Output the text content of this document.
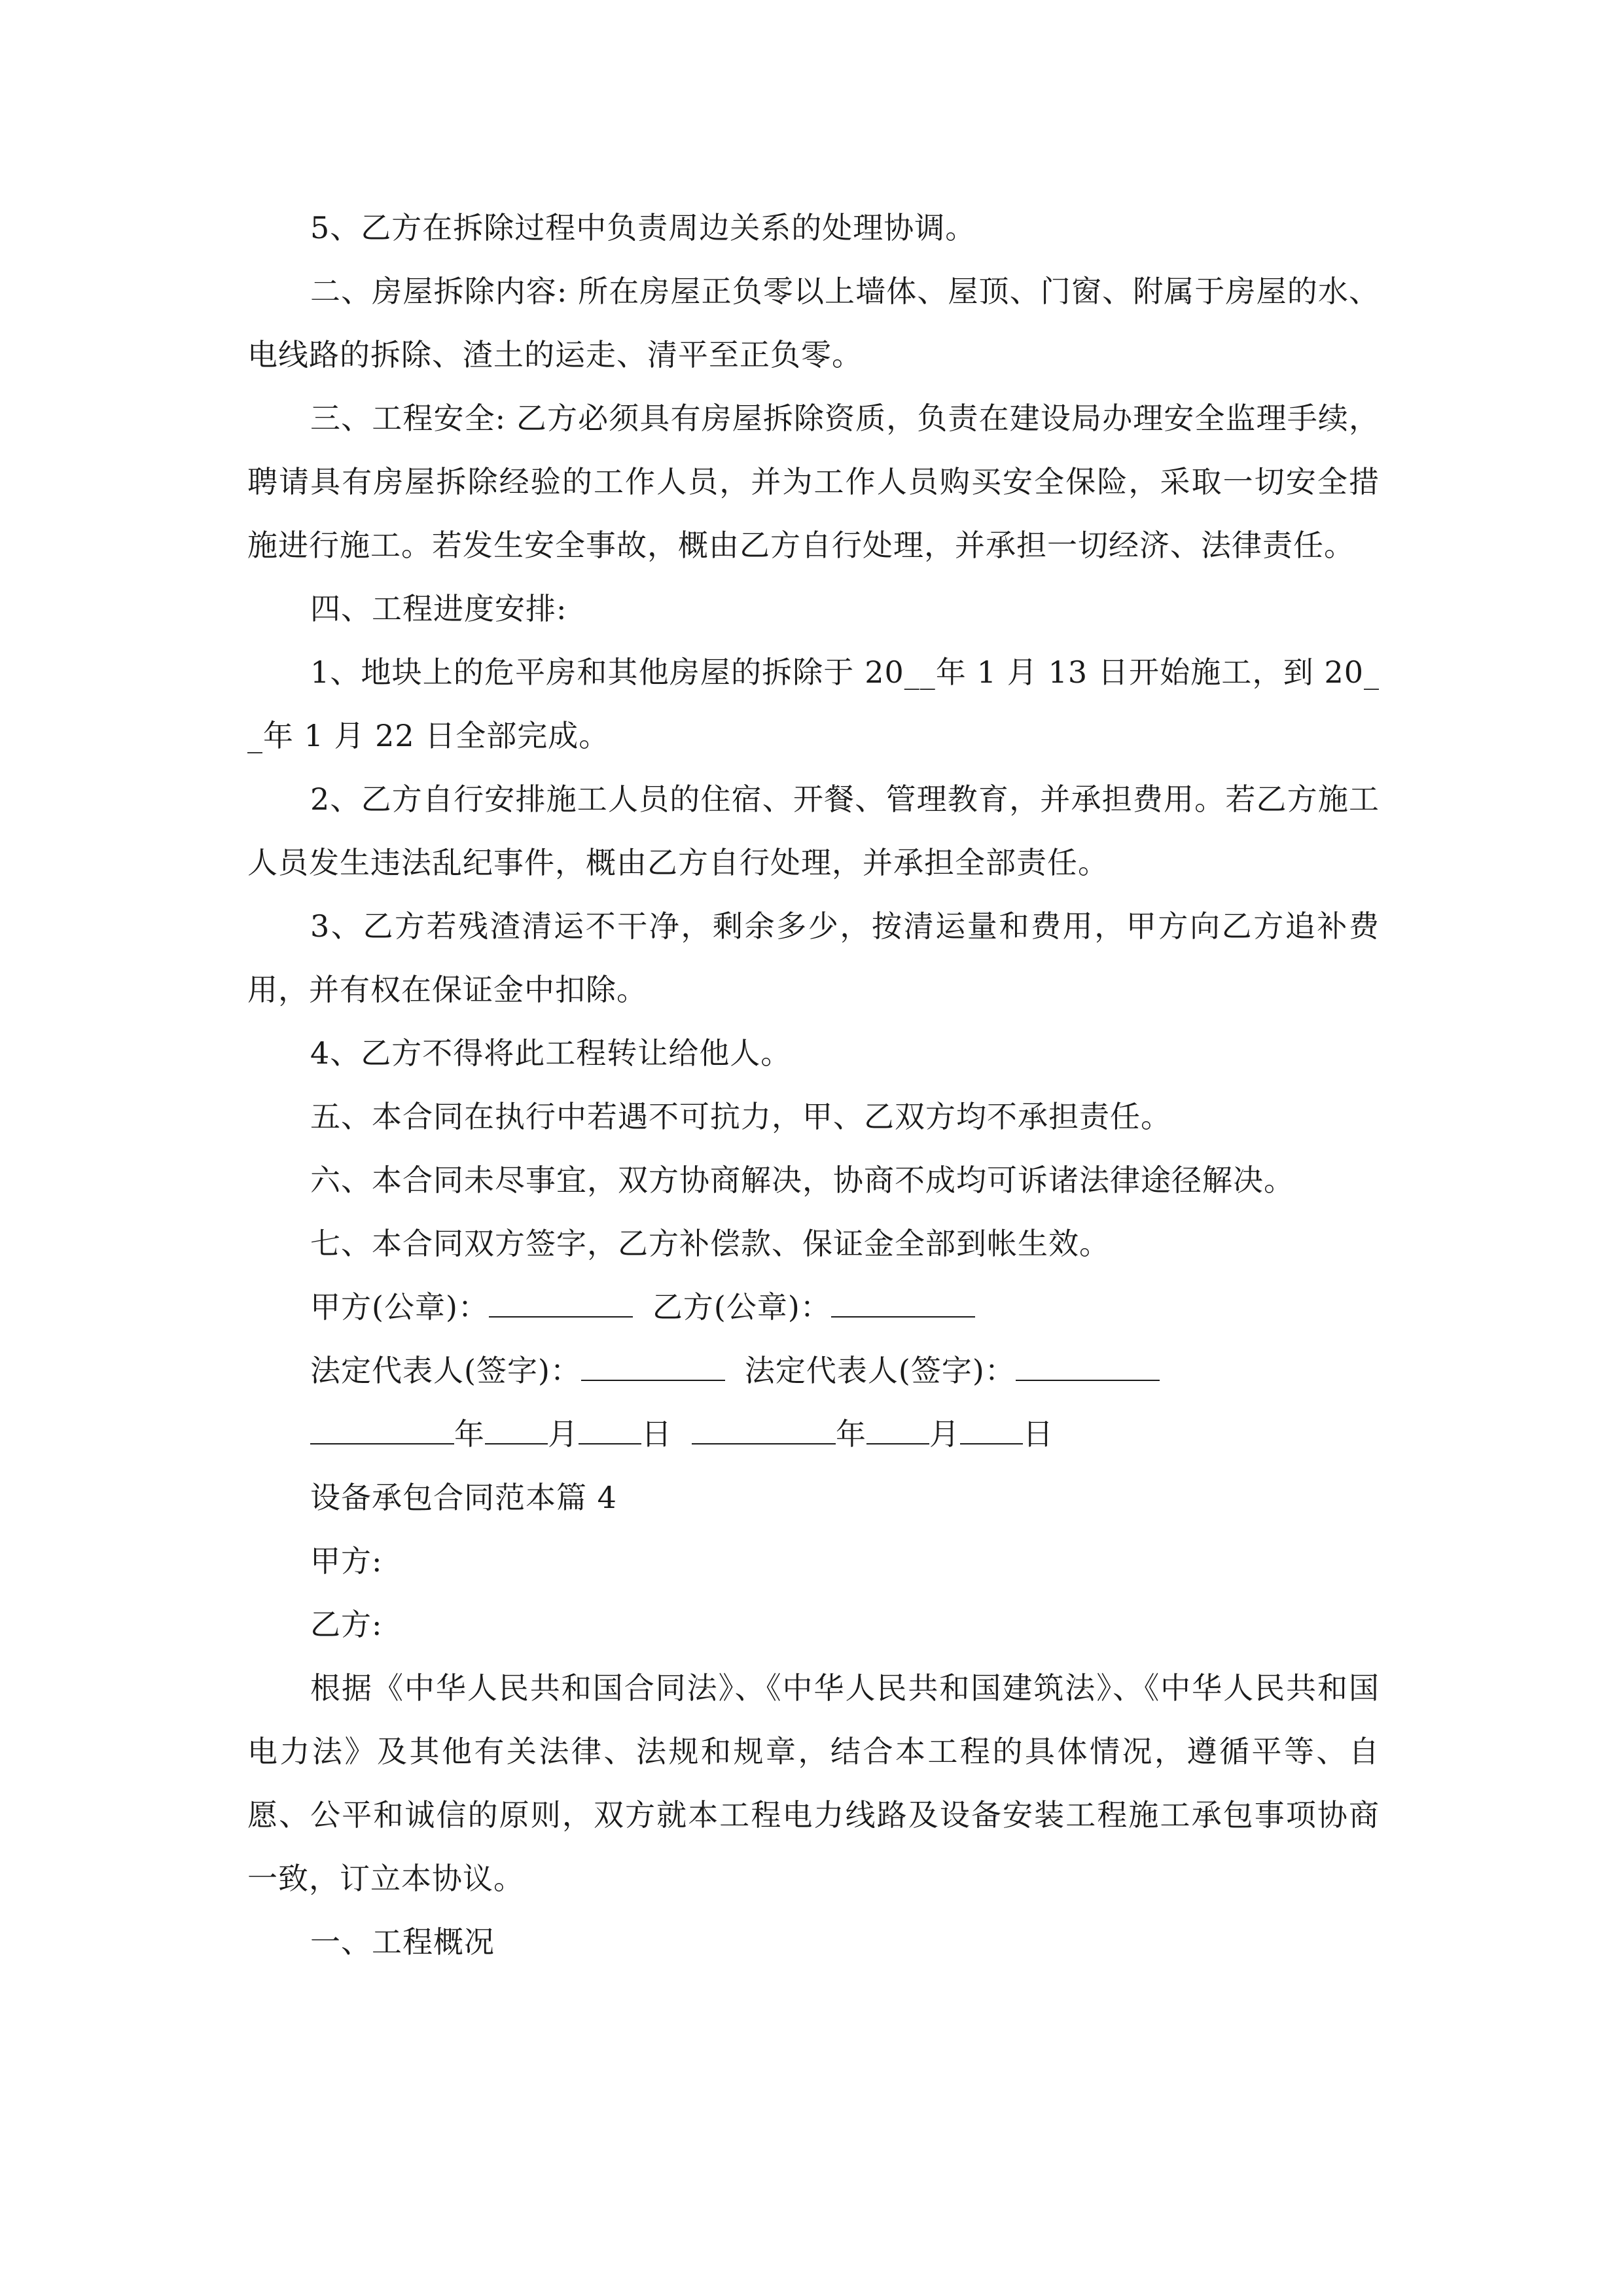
5、乙方在拆除过程中负责周边关系的处理协调。

二、房屋拆除内容: 所在房屋正负零以上墙体、屋顶、门窗、附属于房屋的水、电线路的拆除、渣土的运走、清平至正负零。

三、工程安全: 乙方必须具有房屋拆除资质，负责在建设局办理安全监理手续，聘请具有房屋拆除经验的工作人员，并为工作人员购买安全保险，采取一切安全措施进行施工。若发生安全事故，概由乙方自行处理，并承担一切经济、法律责任。

四、工程进度安排:

1、地块上的危平房和其他房屋的拆除于 20__年 1 月 13 日开始施工，到 20__年 1 月 22 日全部完成。

2、乙方自行安排施工人员的住宿、开餐、管理教育，并承担费用。若乙方施工人员发生违法乱纪事件，概由乙方自行处理，并承担全部责任。

3、乙方若残渣清运不干净，剩余多少，按清运量和费用，甲方向乙方追补费用，并有权在保证金中扣除。

4、乙方不得将此工程转让给他人。

五、本合同在执行中若遇不可抗力，甲、乙双方均不承担责任。

六、本合同未尽事宜，双方协商解决，协商不成均可诉诸法律途径解决。

七、本合同双方签字，乙方补偿款、保证金全部到帐生效。

甲方(公章)：	乙方(公章)：

法定代表人(签字)：	法定代表人(签字)：

年 月 日	年 月 日

设备承包合同范本篇 4

甲方:

乙方:

根据《中华人民共和国合同法》、《中华人民共和国建筑法》、《中华人民共和国电力法》及其他有关法律、法规和规章，结合本工程的具体情况，遵循平等、自愿、公平和诚信的原则，双方就本工程电力线路及设备安装工程施工承包事项协商一致，订立本协议。

一、工程概况
